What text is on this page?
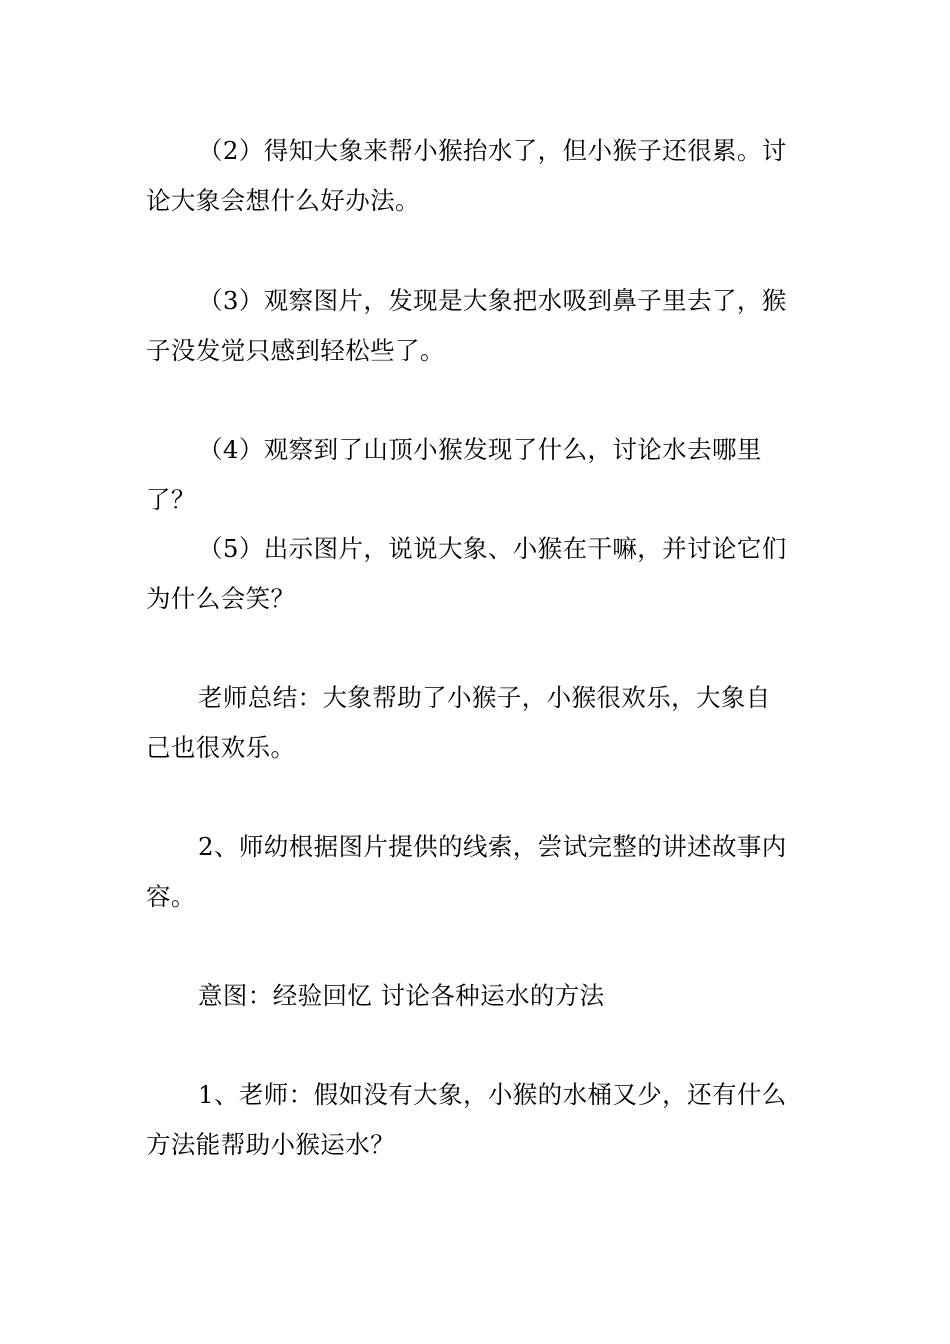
（2）得知大象来帮小猴抬水了，但小猴子还很累。讨
论大象会想什么好办法。

（3）观察图片，发现是大象把水吸到鼻子里去了，猴
子没发觉只感到轻松些了。

（4）观察到了山顶小猴发现了什么，讨论水去哪里了？

（5）出示图片，说说大象、小猴在干嘛，并讨论它们
为什么会笑？

老师总结：大象帮助了小猴子，小猴很欢乐，大象自
己也很欢乐。

2、师幼根据图片提供的线索，尝试完整的讲述故事内
容。

意图：经验回忆 讨论各种运水的方法

1、老师：假如没有大象，小猴的水桶又少，还有什么
方法能帮助小猴运水？
